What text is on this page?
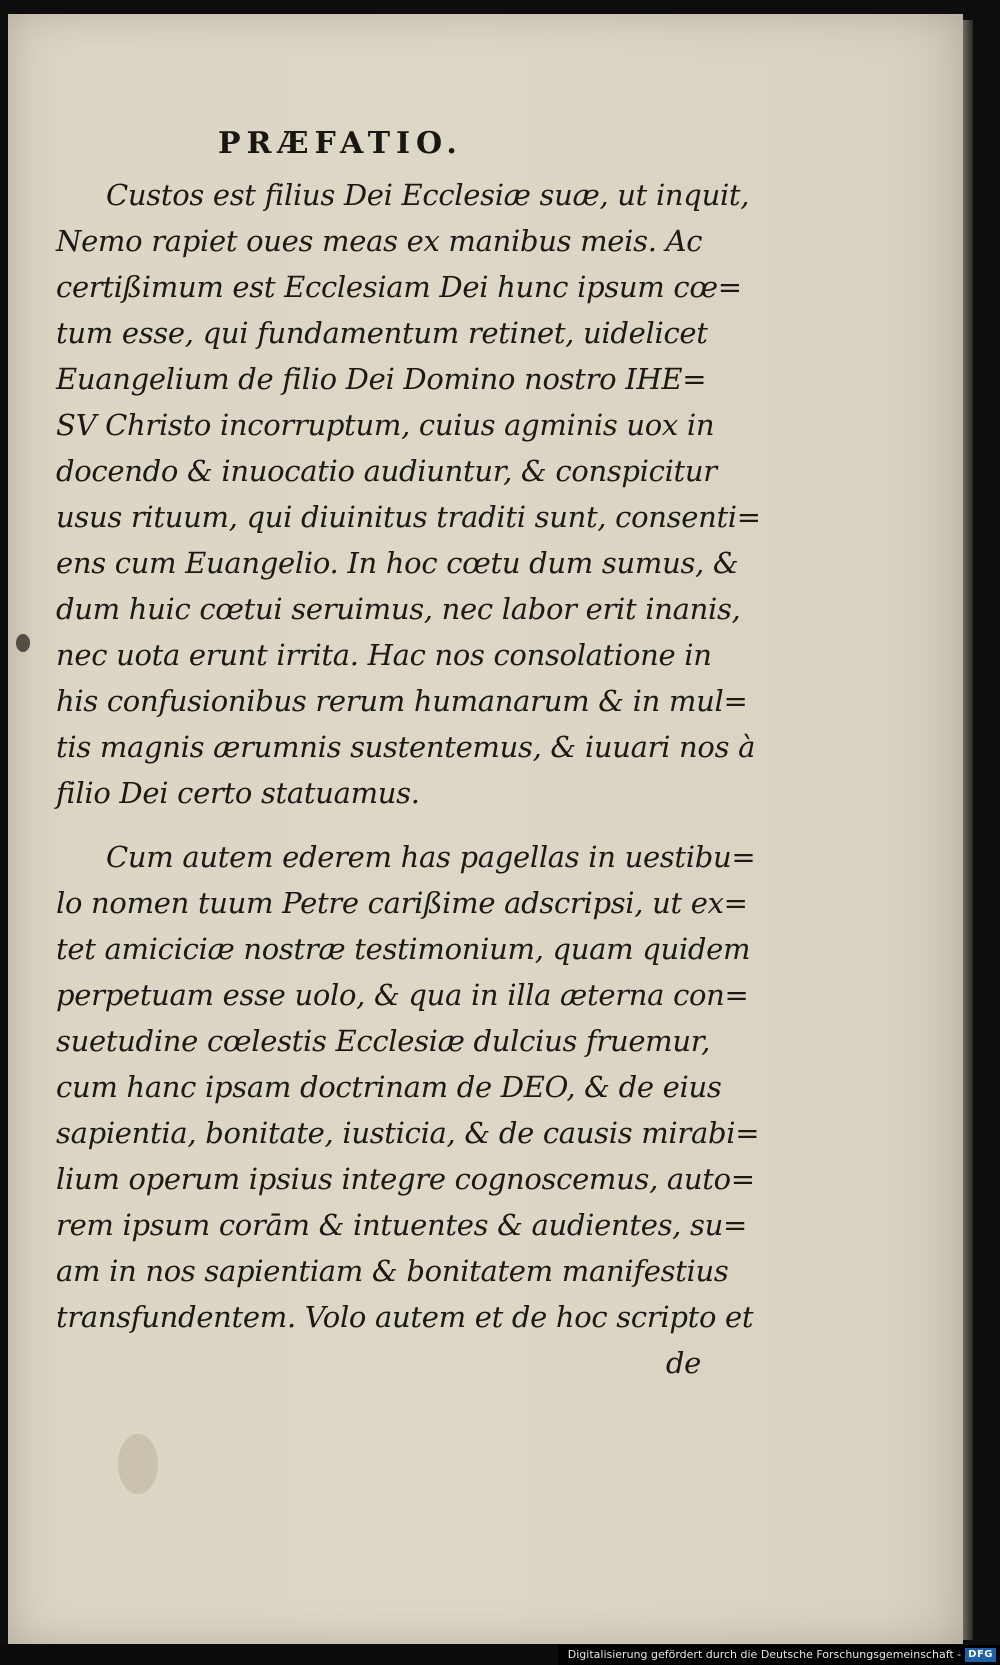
PRÆFATIO.
Custos est filius Dei Ecclesiæ suæ, ut inquit,
Nemo rapiet oues meas ex manibus meis. Ac
certißimum est Ecclesiam Dei hunc ipsum cœ=
tum esse, qui fundamentum retinet, uidelicet
Euangelium de filio Dei Domino nostro IHE=
SV Christo incorruptum, cuius agminis uox in
docendo & inuocatio audiuntur, & conspicitur
usus rituum, qui diuinitus traditi sunt, consenti=
ens cum Euangelio. In hoc cœtu dum sumus, &
dum huic cœtui seruimus, nec labor erit inanis,
nec uota erunt irrita. Hac nos consolatione in
his confusionibus rerum humanarum & in mul=
tis magnis ærumnis sustentemus, & iuuari nos à
filio Dei certo statuamus.
Cum autem ederem has pagellas in uestibu=
lo nomen tuum Petre carißime adscripsi, ut ex=
tet amiciciæ nostræ testimonium, quam quidem
perpetuam esse uolo, & qua in illa æterna con=
suetudine cœlestis Ecclesiæ dulcius fruemur,
cum hanc ipsam doctrinam de DEO, & de eius
sapientia, bonitate, iusticia, & de causis mirabi=
lium operum ipsius integre cognoscemus, auto=
rem ipsum corām & intuentes & audientes, su=
am in nos sapientiam & bonitatem manifestius
transfundentem. Volo autem et de hoc scripto et
de
Digitalisierung gefördert durch die Deutsche Forschungsgemeinschaft - DFG
